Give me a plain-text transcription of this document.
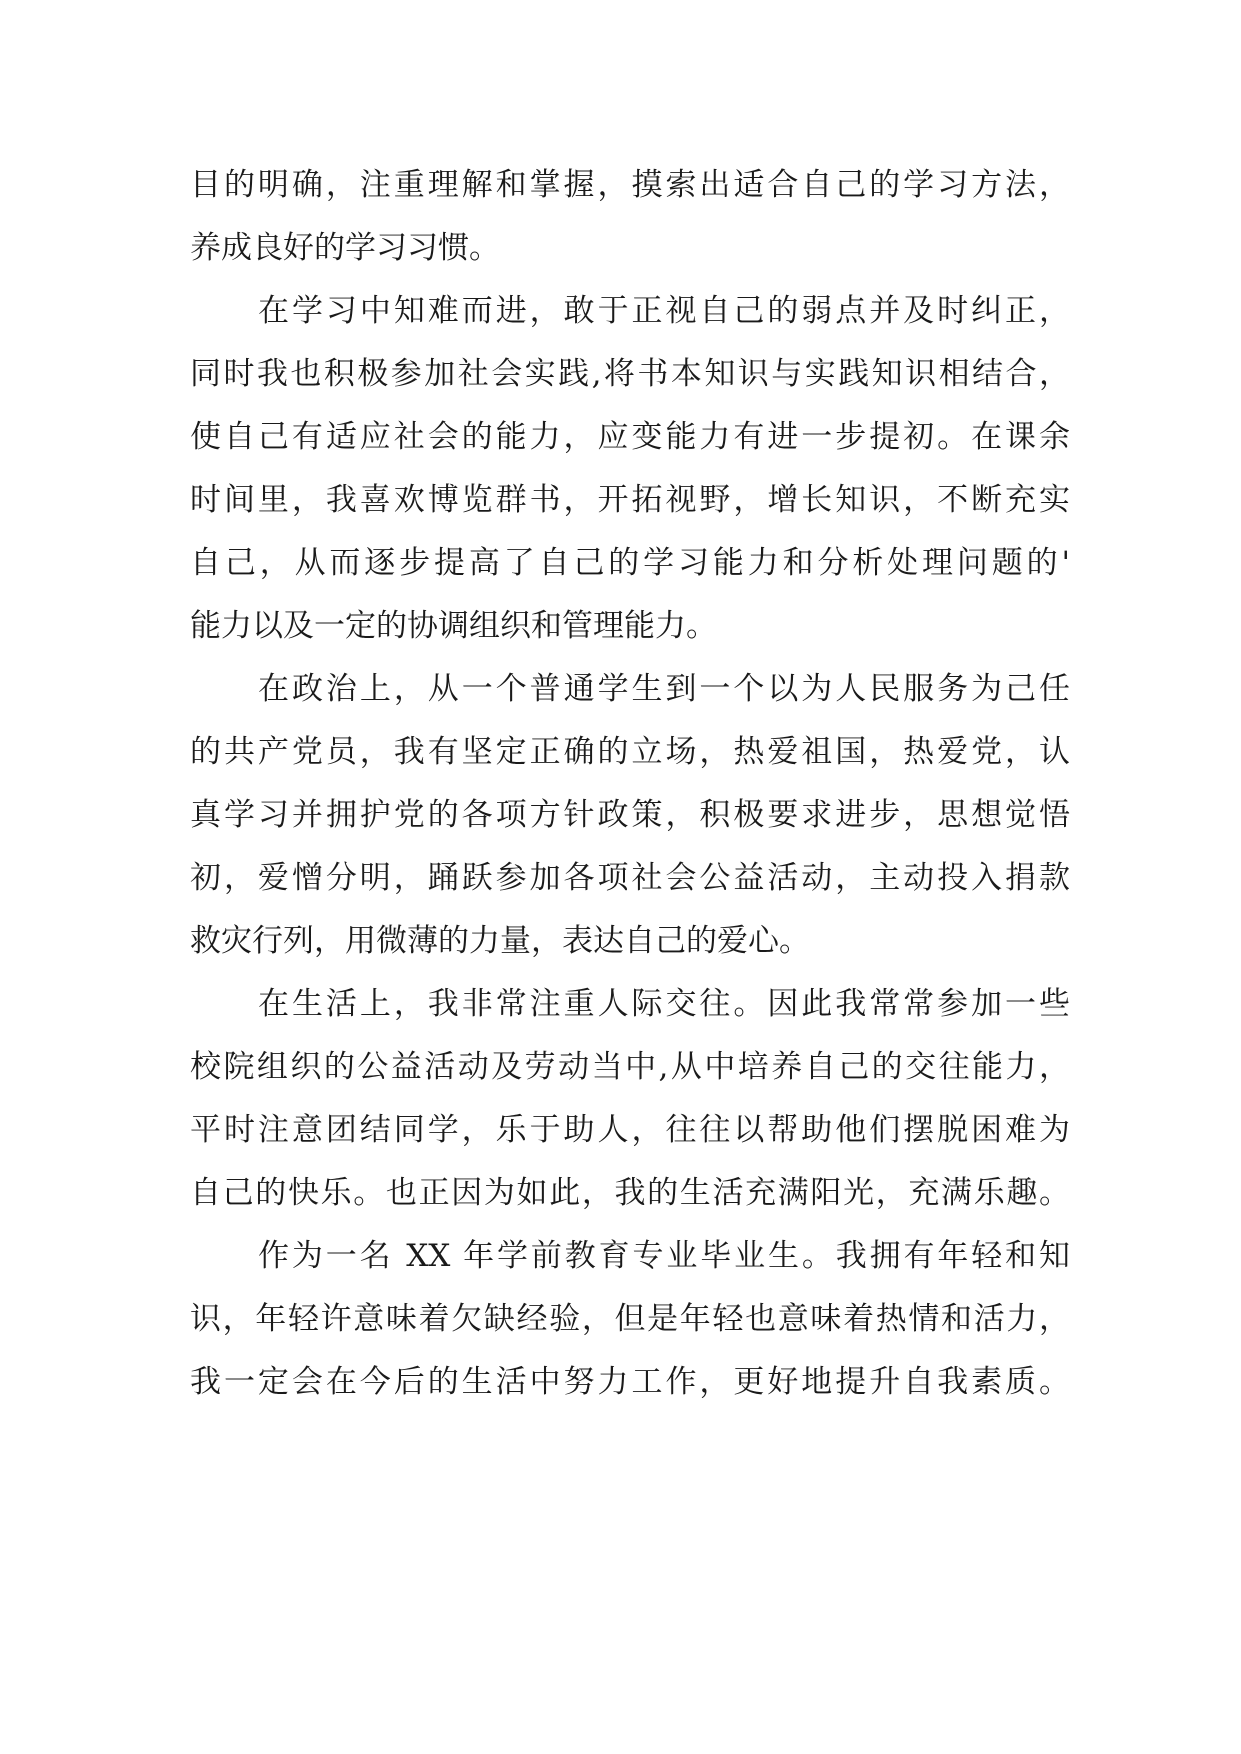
目的明确，注重理解和掌握，摸索出适合自己的学习方法，
养成良好的学习习惯。
在学习中知难而进，敢于正视自己的弱点并及时纠正，
同时我也积极参加社会实践,将书本知识与实践知识相结合，
使自己有适应社会的能力，应变能力有进一步提初。在课余
时间里，我喜欢博览群书，开拓视野，增长知识，不断充实
自己，从而逐步提高了自己的学习能力和分析处理问题的'
能力以及一定的协调组织和管理能力。
在政治上，从一个普通学生到一个以为人民服务为己任
的共产党员，我有坚定正确的立场，热爱祖国，热爱党，认
真学习并拥护党的各项方针政策，积极要求进步，思想觉悟
初，爱憎分明，踊跃参加各项社会公益活动，主动投入捐款
救灾行列，用微薄的力量，表达自己的爱心。
在生活上，我非常注重人际交往。因此我常常参加一些
校院组织的公益活动及劳动当中,从中培养自己的交往能力，
平时注意团结同学，乐于助人，往往以帮助他们摆脱困难为
自己的快乐。也正因为如此，我的生活充满阳光，充满乐趣。
作为一名 XX 年学前教育专业毕业生。我拥有年轻和知
识，年轻许意味着欠缺经验，但是年轻也意味着热情和活力，
我一定会在今后的生活中努力工作，更好地提升自我素质。
